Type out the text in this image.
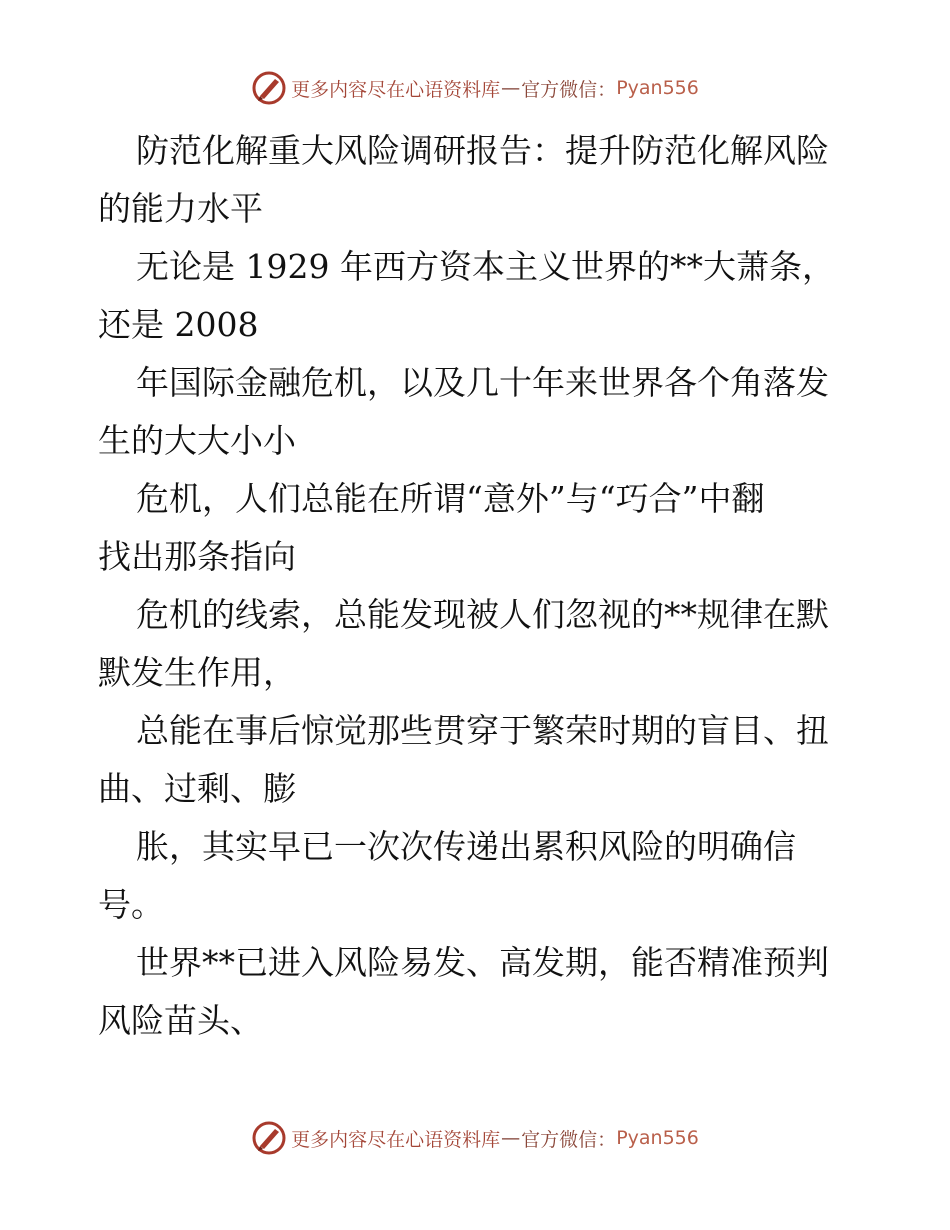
更多内容尽在心语资料库 — 官方微信： Pyan556
防范化解重大风险调研报告：提升防范化解风险
的能力水平
无论是 1929 年西方资本主义世界的**大萧条，
还是 2008
年国际金融危机，以及几十年来世界各个角落发
生的大大小小
危机，人们总能在所谓“意外”与“巧合”中翻
找出那条指向
危机的线索，总能发现被人们忽视的**规律在默
默发生作用，
总能在事后惊觉那些贯穿于繁荣时期的盲目、扭
曲、过剩、膨
胀，其实早已一次次传递出累积风险的明确信
号。
世界**已进入风险易发、高发期，能否精准预判
风险苗头、
更多内容尽在心语资料库 — 官方微信： Pyan556
